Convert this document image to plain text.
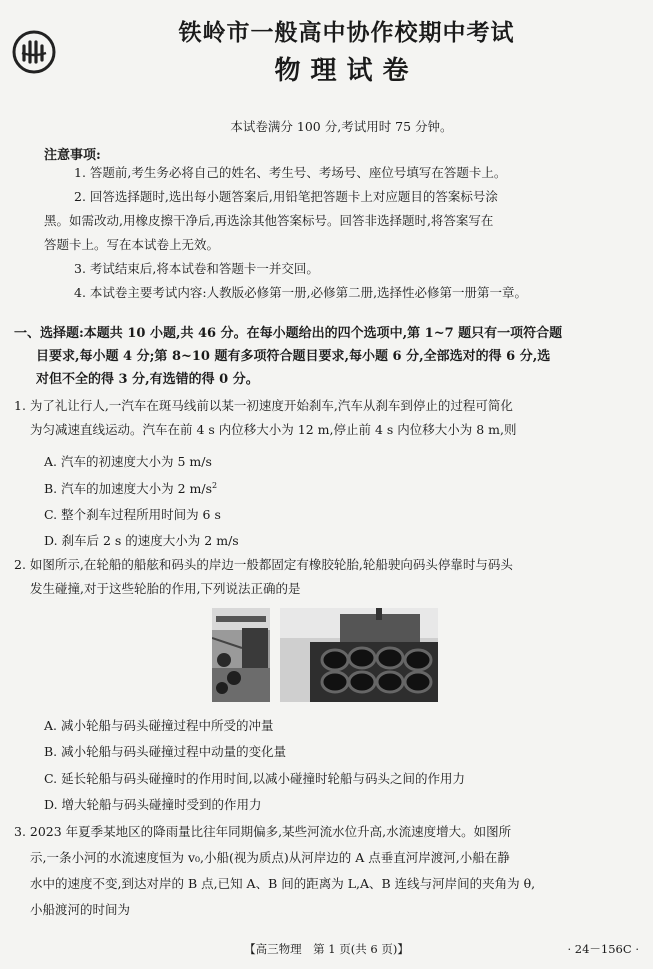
铁岭市一般高中协作校期中考试
物理试卷
本试卷满分 100 分,考试用时 75 分钟。
注意事项:
1. 答题前,考生务必将自己的姓名、考生号、考场号、座位号填写在答题卡上。
2. 回答选择题时,选出每小题答案后,用铅笔把答题卡上对应题目的答案标号涂
黑。如需改动,用橡皮擦干净后,再选涂其他答案标号。回答非选择题时,将答案写在
答题卡上。写在本试卷上无效。
3. 考试结束后,将本试卷和答题卡一并交回。
4. 本试卷主要考试内容:人教版必修第一册,必修第二册,选择性必修第一册第一章。
一、选择题:本题共 10 小题,共 46 分。在每小题给出的四个选项中,第 1~7 题只有一项符合题
目要求,每小题 4 分;第 8~10 题有多项符合题目要求,每小题 6 分,全部选对的得 6 分,选
对但不全的得 3 分,有选错的得 0 分。
1. 为了礼让行人,一汽车在斑马线前以某一初速度开始刹车,汽车从刹车到停止的过程可简化
为匀减速直线运动。汽车在前 4 s 内位移大小为 12 m,停止前 4 s 内位移大小为 8 m,则
A. 汽车的初速度大小为 5 m/s
B. 汽车的加速度大小为 2 $m/s^2$
C. 整个刹车过程所用时间为 6 s
D. 刹车后 2 s 的速度大小为 2 m/s
2. 如图所示,在轮船的船舷和码头的岸边一般都固定有橡胶轮胎,轮船驶向码头停靠时与码头
发生碰撞,对于这些轮胎的作用,下列说法正确的是
A. 减小轮船与码头碰撞过程中所受的冲量
B. 减小轮船与码头碰撞过程中动量的变化量
C. 延长轮船与码头碰撞时的作用时间,以减小碰撞时轮船与码头之间的作用力
D. 增大轮船与码头碰撞时受到的作用力
3. 2023 年夏季某地区的降雨量比往年同期偏多,某些河流水位升高,水流速度增大。如图所
示,一条小河的水流速度恒为 v₀,小船(视为质点)从河岸边的 A 点垂直河岸渡河,小船在静
水中的速度不变,到达对岸的 B 点,已知 A、B 间的距离为 L,A、B 连线与河岸间的夹角为 θ,
小船渡河的时间为
【高三物理　第 1 页(共 6 页)】	· 24－156C ·
